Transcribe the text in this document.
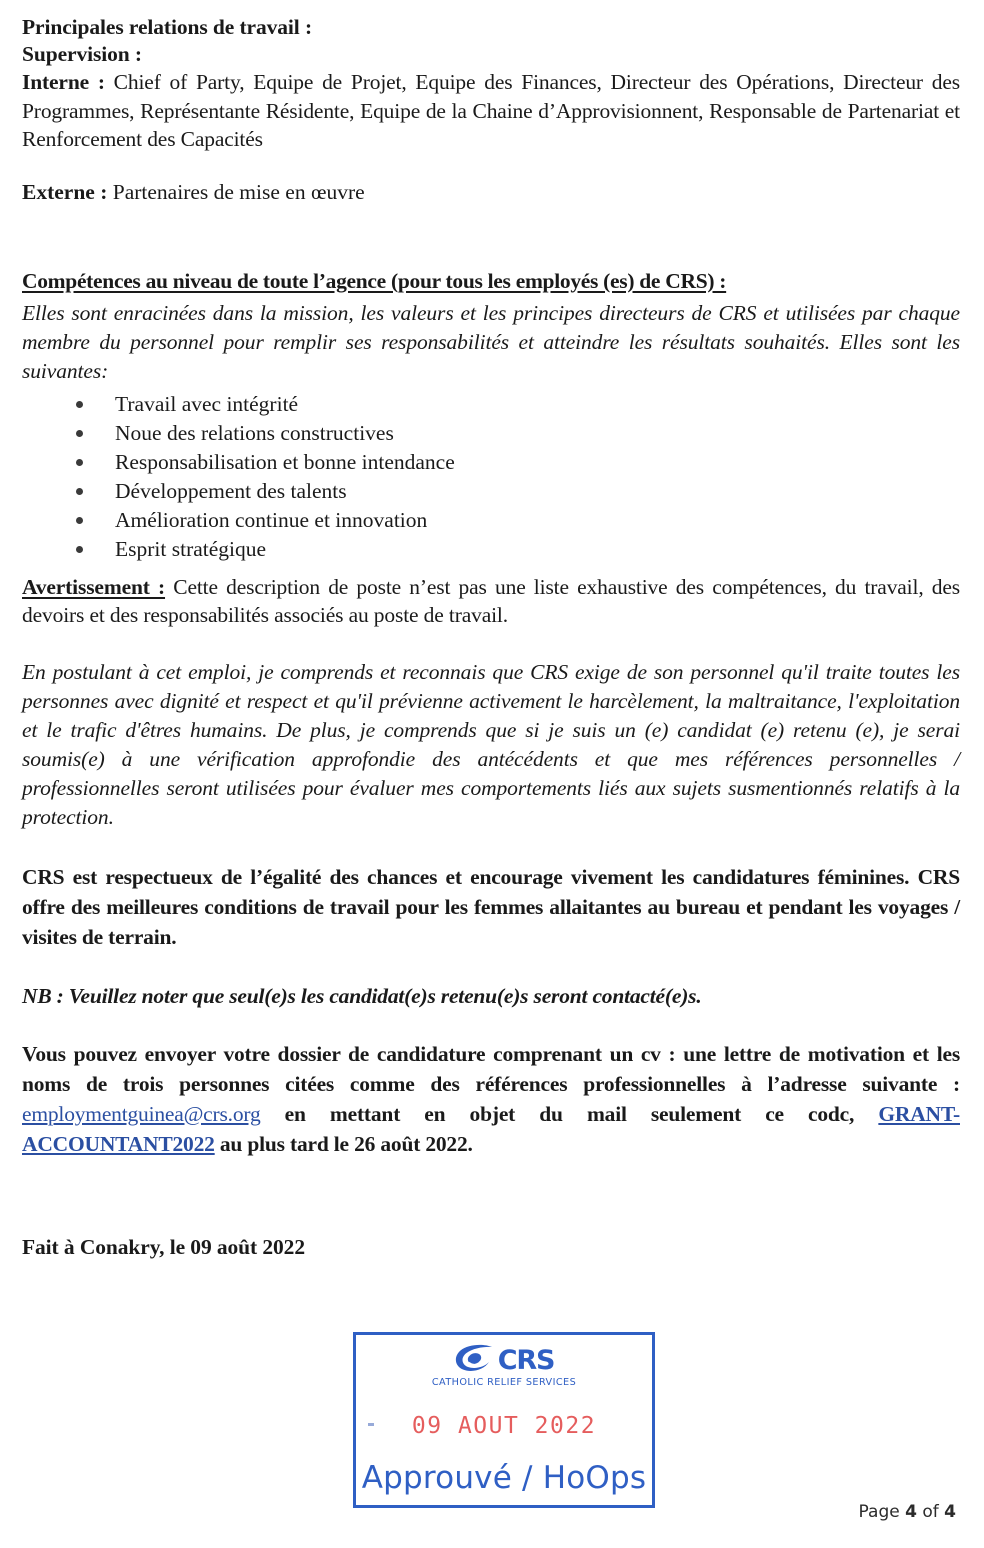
Principales relations de travail :

Supervision :

Interne : Chief of Party, Equipe de Projet, Equipe des Finances, Directeur des Opérations, Directeur des Programmes, Représentante Résidente, Equipe de la Chaine d’Approvisionnent, Responsable de Partenariat et Renforcement des Capacités

Externe : Partenaires de mise en œuvre

Compétences au niveau de toute l’agence (pour tous les employés (es) de CRS) :

Elles sont enracinées dans la mission, les valeurs et les principes directeurs de CRS et utilisées par chaque membre du personnel pour remplir ses responsabilités et atteindre les résultats souhaités. Elles sont les suivantes:

Travail avec intégrité
Noue des relations constructives
Responsabilisation et bonne intendance
Développement des talents
Amélioration continue et innovation
Esprit stratégique

Avertissement : Cette description de poste n’est pas une liste exhaustive des compétences, du travail, des devoirs et des responsabilités associés au poste de travail.

En postulant à cet emploi, je comprends et reconnais que CRS exige de son personnel qu'il traite toutes les personnes avec dignité et respect et qu'il prévienne activement le harcèlement, la maltraitance, l'exploitation et le trafic d'êtres humains. De plus, je comprends que si je suis un (e) candidat (e) retenu (e), je serai soumis(e) à une vérification approfondie des antécédents et que mes références personnelles / professionnelles seront utilisées pour évaluer mes comportements liés aux sujets susmentionnés relatifs à la protection.

CRS est respectueux de l’égalité des chances et encourage vivement les candidatures féminines. CRS offre des meilleures conditions de travail pour les femmes allaitantes au bureau et pendant les voyages / visites de terrain.

NB : Veuillez noter que seul(e)s les candidat(e)s retenu(e)s seront contacté(e)s.

Vous pouvez envoyer votre dossier de candidature comprenant un cv : une lettre de motivation et les noms de trois personnes citées comme des références professionnelles à l’adresse suivante : employmentguinea@crs.org en mettant en objet du mail seulement ce codc, GRANT-ACCOUNTANT2022 au plus tard le 26 août 2022.

Fait à Conakry, le 09 août 2022

CRS
CATHOLIC RELIEF SERVICES
09 AOUT 2022
Approuvé / HoOps
Page 4 of 4
